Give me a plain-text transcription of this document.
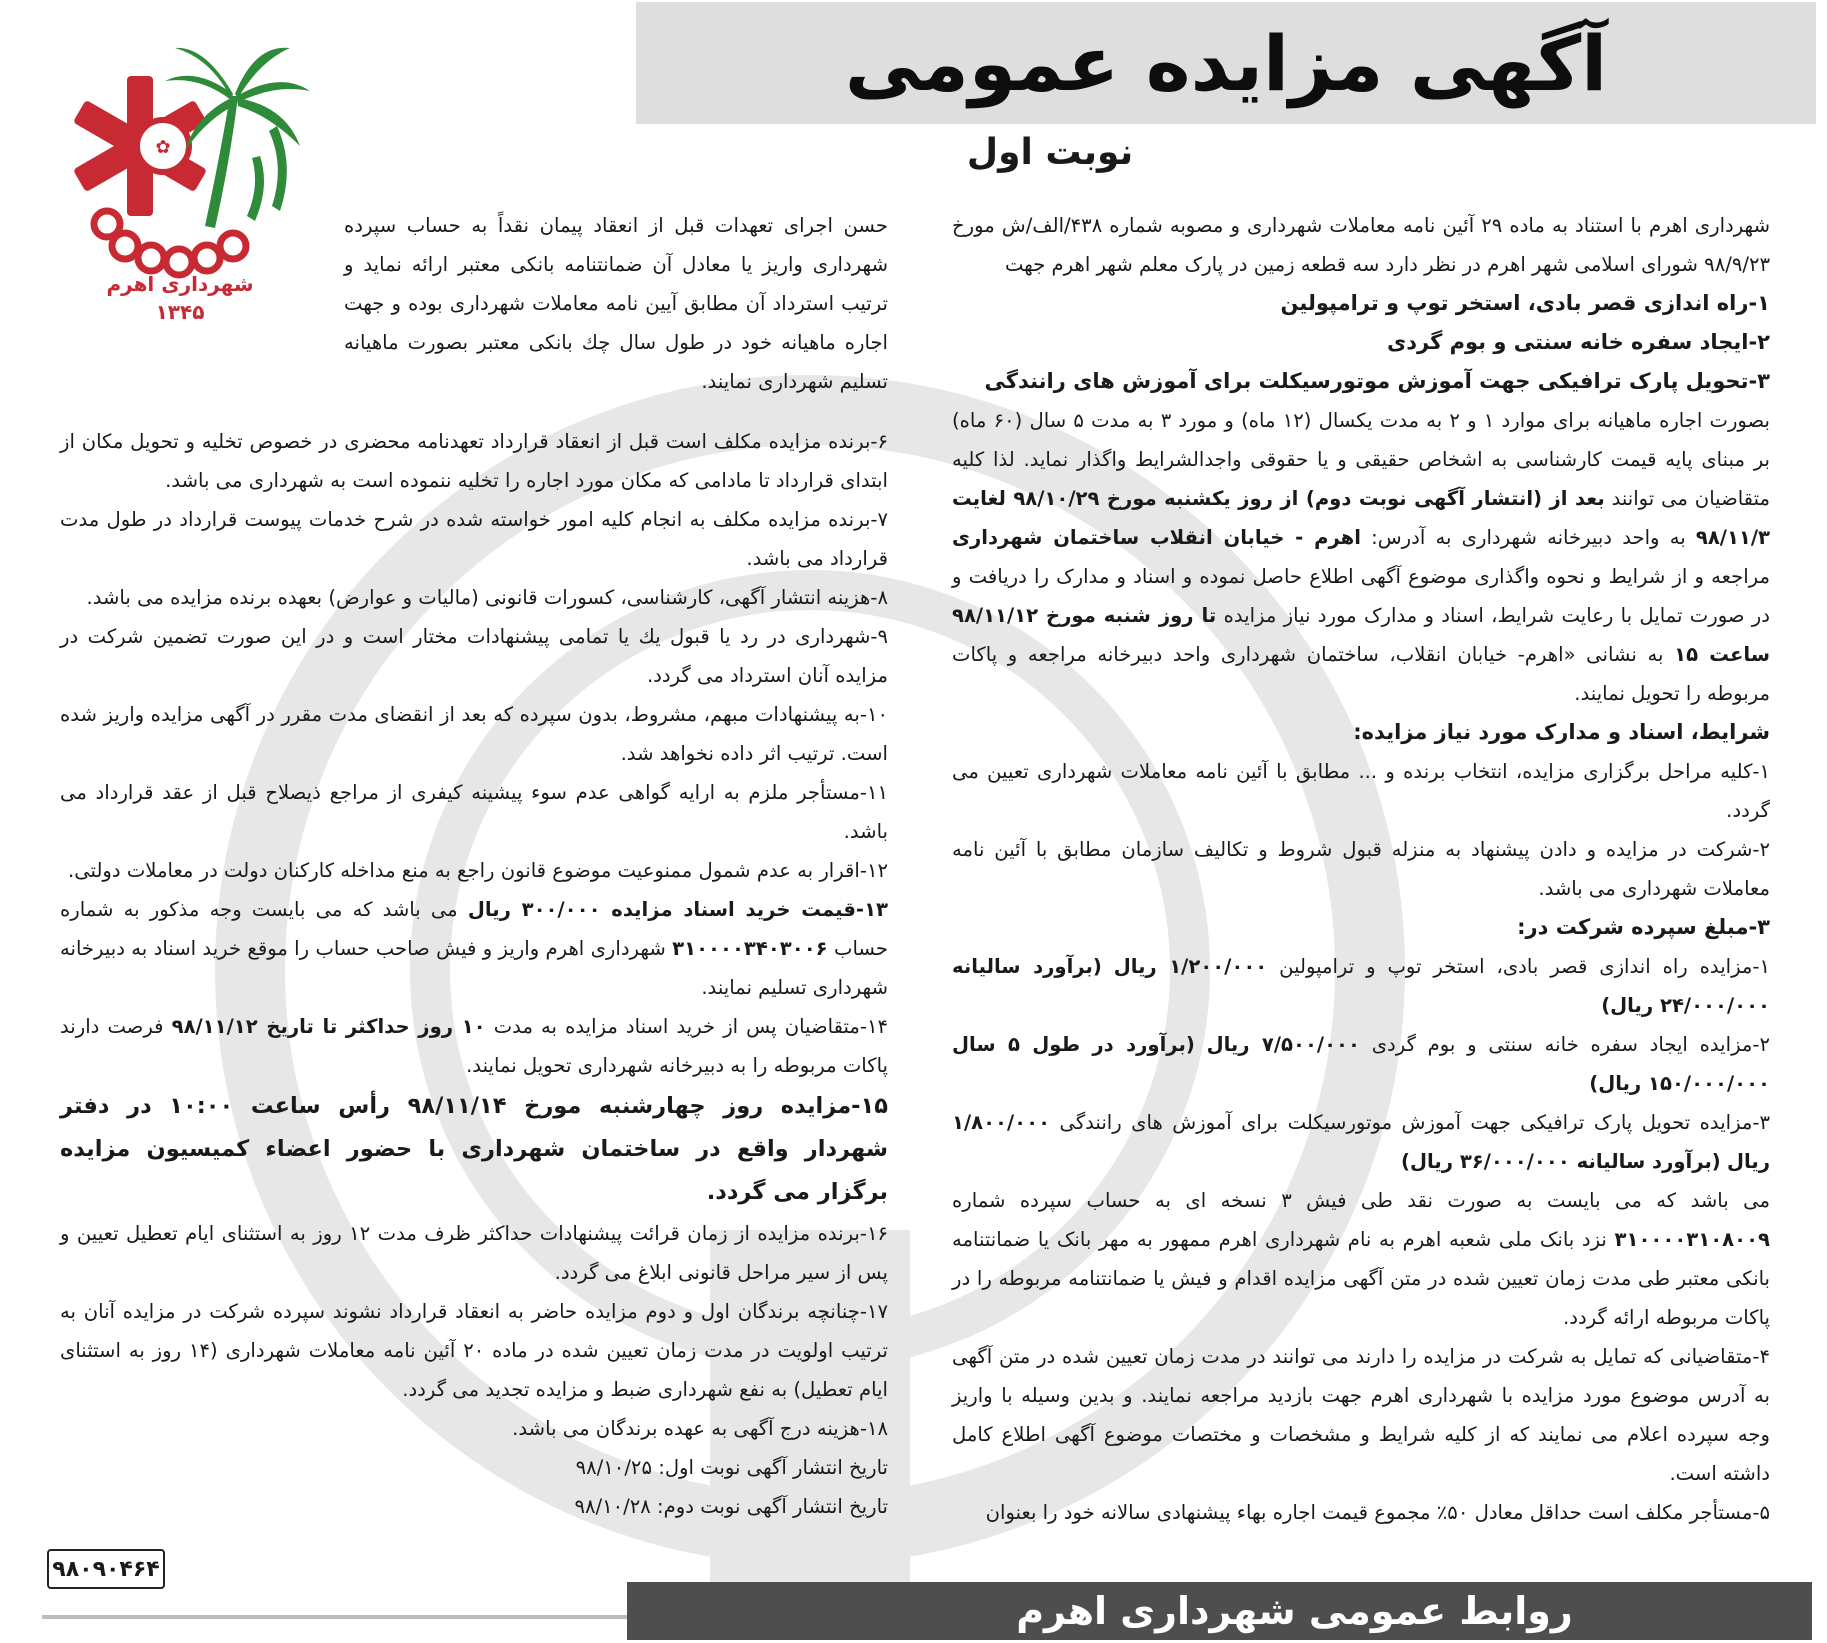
آگهی مزایده عمومی
نوبت اول
✿
شهرداری اهرم
۱۳۴۵

شهرداری اهرم با استناد به ماده ۲۹ آئین نامه معاملات شهرداری و مصوبه شماره ۴۳۸/الف/ش مورخ ۹۸/۹/۲۳ شورای اسلامی شهر اهرم در نظر دارد سه قطعه زمین در پارک معلم شهر اهرم جهت

۱-راه اندازی قصر بادی، استخر توپ و ترامپولین

۲-ایجاد سفره خانه سنتی و بوم گردی

۳-تحویل پارک ترافیکی جهت آموزش موتورسیکلت برای آموزش های رانندگی

بصورت اجاره ماهیانه برای موارد ۱ و ۲ به مدت یکسال (۱۲ ماه) و مورد ۳ به مدت ۵ سال (۶۰ ماه) بر مبنای پایه قیمت کارشناسی به اشخاص حقیقی و یا حقوقی واجدالشرایط واگذار نماید. لذا کلیه متقاضیان می توانند بعد از (انتشار آگهی نوبت دوم) از روز یکشنبه مورخ ۹۸/۱۰/۲۹ لغایت ۹۸/۱۱/۳ به واحد دبیرخانه شهرداری به آدرس: اهرم - خیابان انقلاب ساختمان شهرداری مراجعه و از شرایط و نحوه واگذاری موضوع آگهی اطلاع حاصل نموده و اسناد و مدارک را دریافت و در صورت تمایل با رعایت شرایط، اسناد و مدارک مورد نیاز مزایده تا روز شنبه مورخ ۹۸/۱۱/۱۲ ساعت ۱۵ به نشانی «اهرم- خیابان انقلاب، ساختمان شهرداری واحد دبیرخانه مراجعه و پاکات مربوطه را تحویل نمایند.

شرایط، اسناد و مدارک مورد نیاز مزایده:

۱-کلیه مراحل برگزاری مزایده، انتخاب برنده و ... مطابق با آئین نامه معاملات شهرداری تعیین می گردد.

۲-شرکت در مزایده و دادن پیشنهاد به منزله قبول شروط و تکالیف سازمان مطابق با آئین نامه معاملات شهرداری می باشد.

۳-مبلغ سپرده شرکت در:

۱-مزایده راه اندازی قصر بادی، استخر توپ و ترامپولین ۱/۲۰۰/۰۰۰ ریال (برآورد سالیانه ۲۴/۰۰۰/۰۰۰ ریال)

۲-مزایده ایجاد سفره خانه سنتی و بوم گردی ۷/۵۰۰/۰۰۰ ریال (برآورد در طول ۵ سال ۱۵۰/۰۰۰/۰۰۰ ریال)

۳-مزایده تحویل پارک ترافیکی جهت آموزش موتورسیکلت برای آموزش های رانندگی ۱/۸۰۰/۰۰۰ ریال (برآورد سالیانه ۳۶/۰۰۰/۰۰۰ ریال)

می باشد که می بایست به صورت نقد طی فیش ۳ نسخه ای به حساب سپرده شماره ۳۱۰۰۰۰۳۱۰۸۰۰۹ نزد بانک ملی شعبه اهرم به نام شهرداری اهرم ممهور به مهر بانک یا ضمانتنامه بانکی معتبر طی مدت زمان تعیین شده در متن آگهی مزایده اقدام و فیش یا ضمانتنامه مربوطه را در پاکات مربوطه ارائه گردد.

۴-متقاضیانی که تمایل به شرکت در مزایده را دارند می توانند در مدت زمان تعیین شده در متن آگهی به آدرس موضوع مورد مزایده با شهرداری اهرم جهت بازدید مراجعه نمایند. و بدین وسیله با واریز وجه سپرده اعلام می نمایند که از کلیه شرایط و مشخصات و مختصات موضوع آگهی اطلاع کامل داشته است.

۵-مستأجر مکلف است حداقل معادل ۵۰٪ مجموع قیمت اجاره بهاء پیشنهادی سالانه خود را بعنوان

حسن اجرای تعهدات قبل از انعقاد پیمان نقداً به حساب سپرده شهرداری واریز یا معادل آن ضمانتنامه بانکی معتبر ارائه نماید و ترتیب استرداد آن مطابق آیین نامه معاملات شهرداری بوده و جهت اجاره ماهیانه خود در طول سال چك بانکی معتبر بصورت ماهیانه تسلیم شهرداری نمایند.

۶-برنده مزایده مکلف است قبل از انعقاد قرارداد تعهدنامه محضری در خصوص تخلیه و تحویل مکان از ابتدای قرارداد تا مادامی که مکان مورد اجاره را تخلیه ننموده است به شهرداری می باشد.

۷-برنده مزایده مکلف به انجام کلیه امور خواسته شده در شرح خدمات پیوست قرارداد در طول مدت قرارداد می باشد.

۸-هزینه انتشار آگهی، کارشناسی، کسورات قانونی (مالیات و عوارض) بعهده برنده مزایده می باشد.

۹-شهرداری در رد یا قبول یك یا تمامی پیشنهادات مختار است و در این صورت تضمین شرکت در مزایده آنان استرداد می گردد.

۱۰-به پیشنهادات مبهم، مشروط، بدون سپرده که بعد از انقضای مدت مقرر در آگهی مزایده واریز شده است. ترتیب اثر داده نخواهد شد.

۱۱-مستأجر ملزم به ارایه گواهی عدم سوء پیشینه کیفری از مراجع ذیصلاح قبل از عقد قرارداد می باشد.

۱۲-اقرار به عدم شمول ممنوعیت موضوع قانون راجع به منع مداخله کارکنان دولت در معاملات دولتی.

۱۳-قیمت خرید اسناد مزایده ۳۰۰/۰۰۰ ریال می باشد که می بایست وجه مذکور به شماره حساب ۳۱۰۰۰۰۳۴۰۳۰۰۶ شهرداری اهرم واریز و فیش صاحب حساب را موقع خرید اسناد به دبیرخانه شهرداری تسلیم نمایند.

۱۴-متقاضیان پس از خرید اسناد مزایده به مدت ۱۰ روز حداکثر تا تاریخ ۹۸/۱۱/۱۲ فرصت دارند پاکات مربوطه را به دبیرخانه شهرداری تحویل نمایند.

۱۵-مزایده روز چهارشنبه مورخ ۹۸/۱۱/۱۴ رأس ساعت ۱۰:۰۰ در دفتر شهردار واقع در ساختمان شهرداری با حضور اعضاء کمیسیون مزایده برگزار می گردد.

۱۶-برنده مزایده از زمان قرائت پیشنهادات حداکثر ظرف مدت ۱۲ روز به استثنای ایام تعطیل تعیین و پس از سیر مراحل قانونی ابلاغ می گردد.

۱۷-چنانچه برندگان اول و دوم مزایده حاضر به انعقاد قرارداد نشوند سپرده شرکت در مزایده آنان به ترتیب اولویت در مدت زمان تعیین شده در ماده ۲۰ آئین نامه معاملات شهرداری (۱۴ روز به استثنای ایام تعطیل) به نفع شهرداری ضبط و مزایده تجدید می گردد.

۱۸-هزینه درج آگهی به عهده برندگان می باشد.

تاریخ انتشار آگهی نوبت اول: ۹۸/۱۰/۲۵

تاریخ انتشار آگهی نوبت دوم: ۹۸/۱۰/۲۸

۹۸۰۹۰۴۶۴
روابط عمومی شهرداری اهرم
